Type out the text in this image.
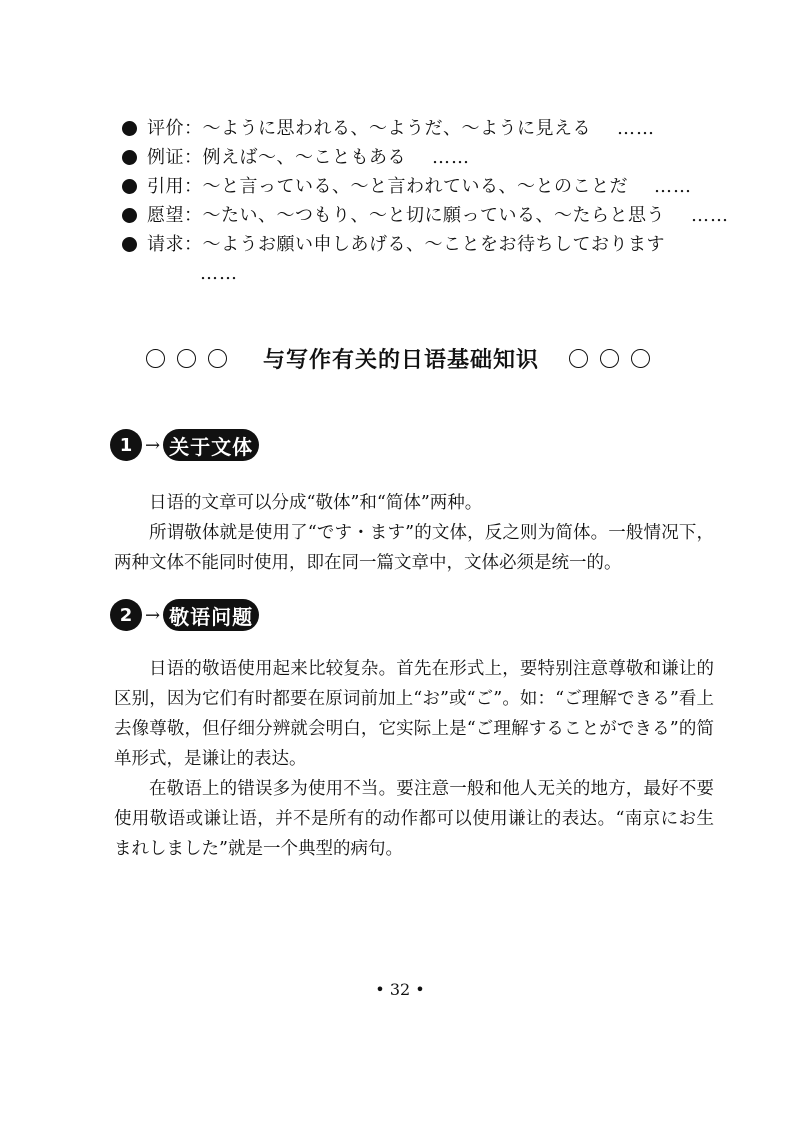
评价：～ように思われる、～ようだ、～ように見える ……
例证：例えば～、～こともある ……
引用：～と言っている、～と言われている、～とのことだ ……
愿望：～たい、～つもり、～と切に願っている、～たらと思う ……
请求：～ようお願い申しあげる、～ことをお待ちしております
……
与写作有关的日语基础知识
1 → 关于文体

日语的文章可以分成“敬体”和“简体”两种。

所谓敬体就是使用了“です・ます”的文体，反之则为简体。一般情况下，两种文体不能同时使用，即在同一篇文章中，文体必须是统一的。

2 → 敬语问题

日语的敬语使用起来比较复杂。首先在形式上，要特别注意尊敬和谦让的区别，因为它们有时都要在原词前加上“お”或“ご”。如：“ご理解できる”看上去像尊敬，但仔细分辨就会明白，它实际上是“ご理解することができる”的简单形式，是谦让的表达。

在敬语上的错误多为使用不当。要注意一般和他人无关的地方，最好不要使用敬语或谦让语，并不是所有的动作都可以使用谦让的表达。“南京にお生まれしました”就是一个典型的病句。

• 32 •
